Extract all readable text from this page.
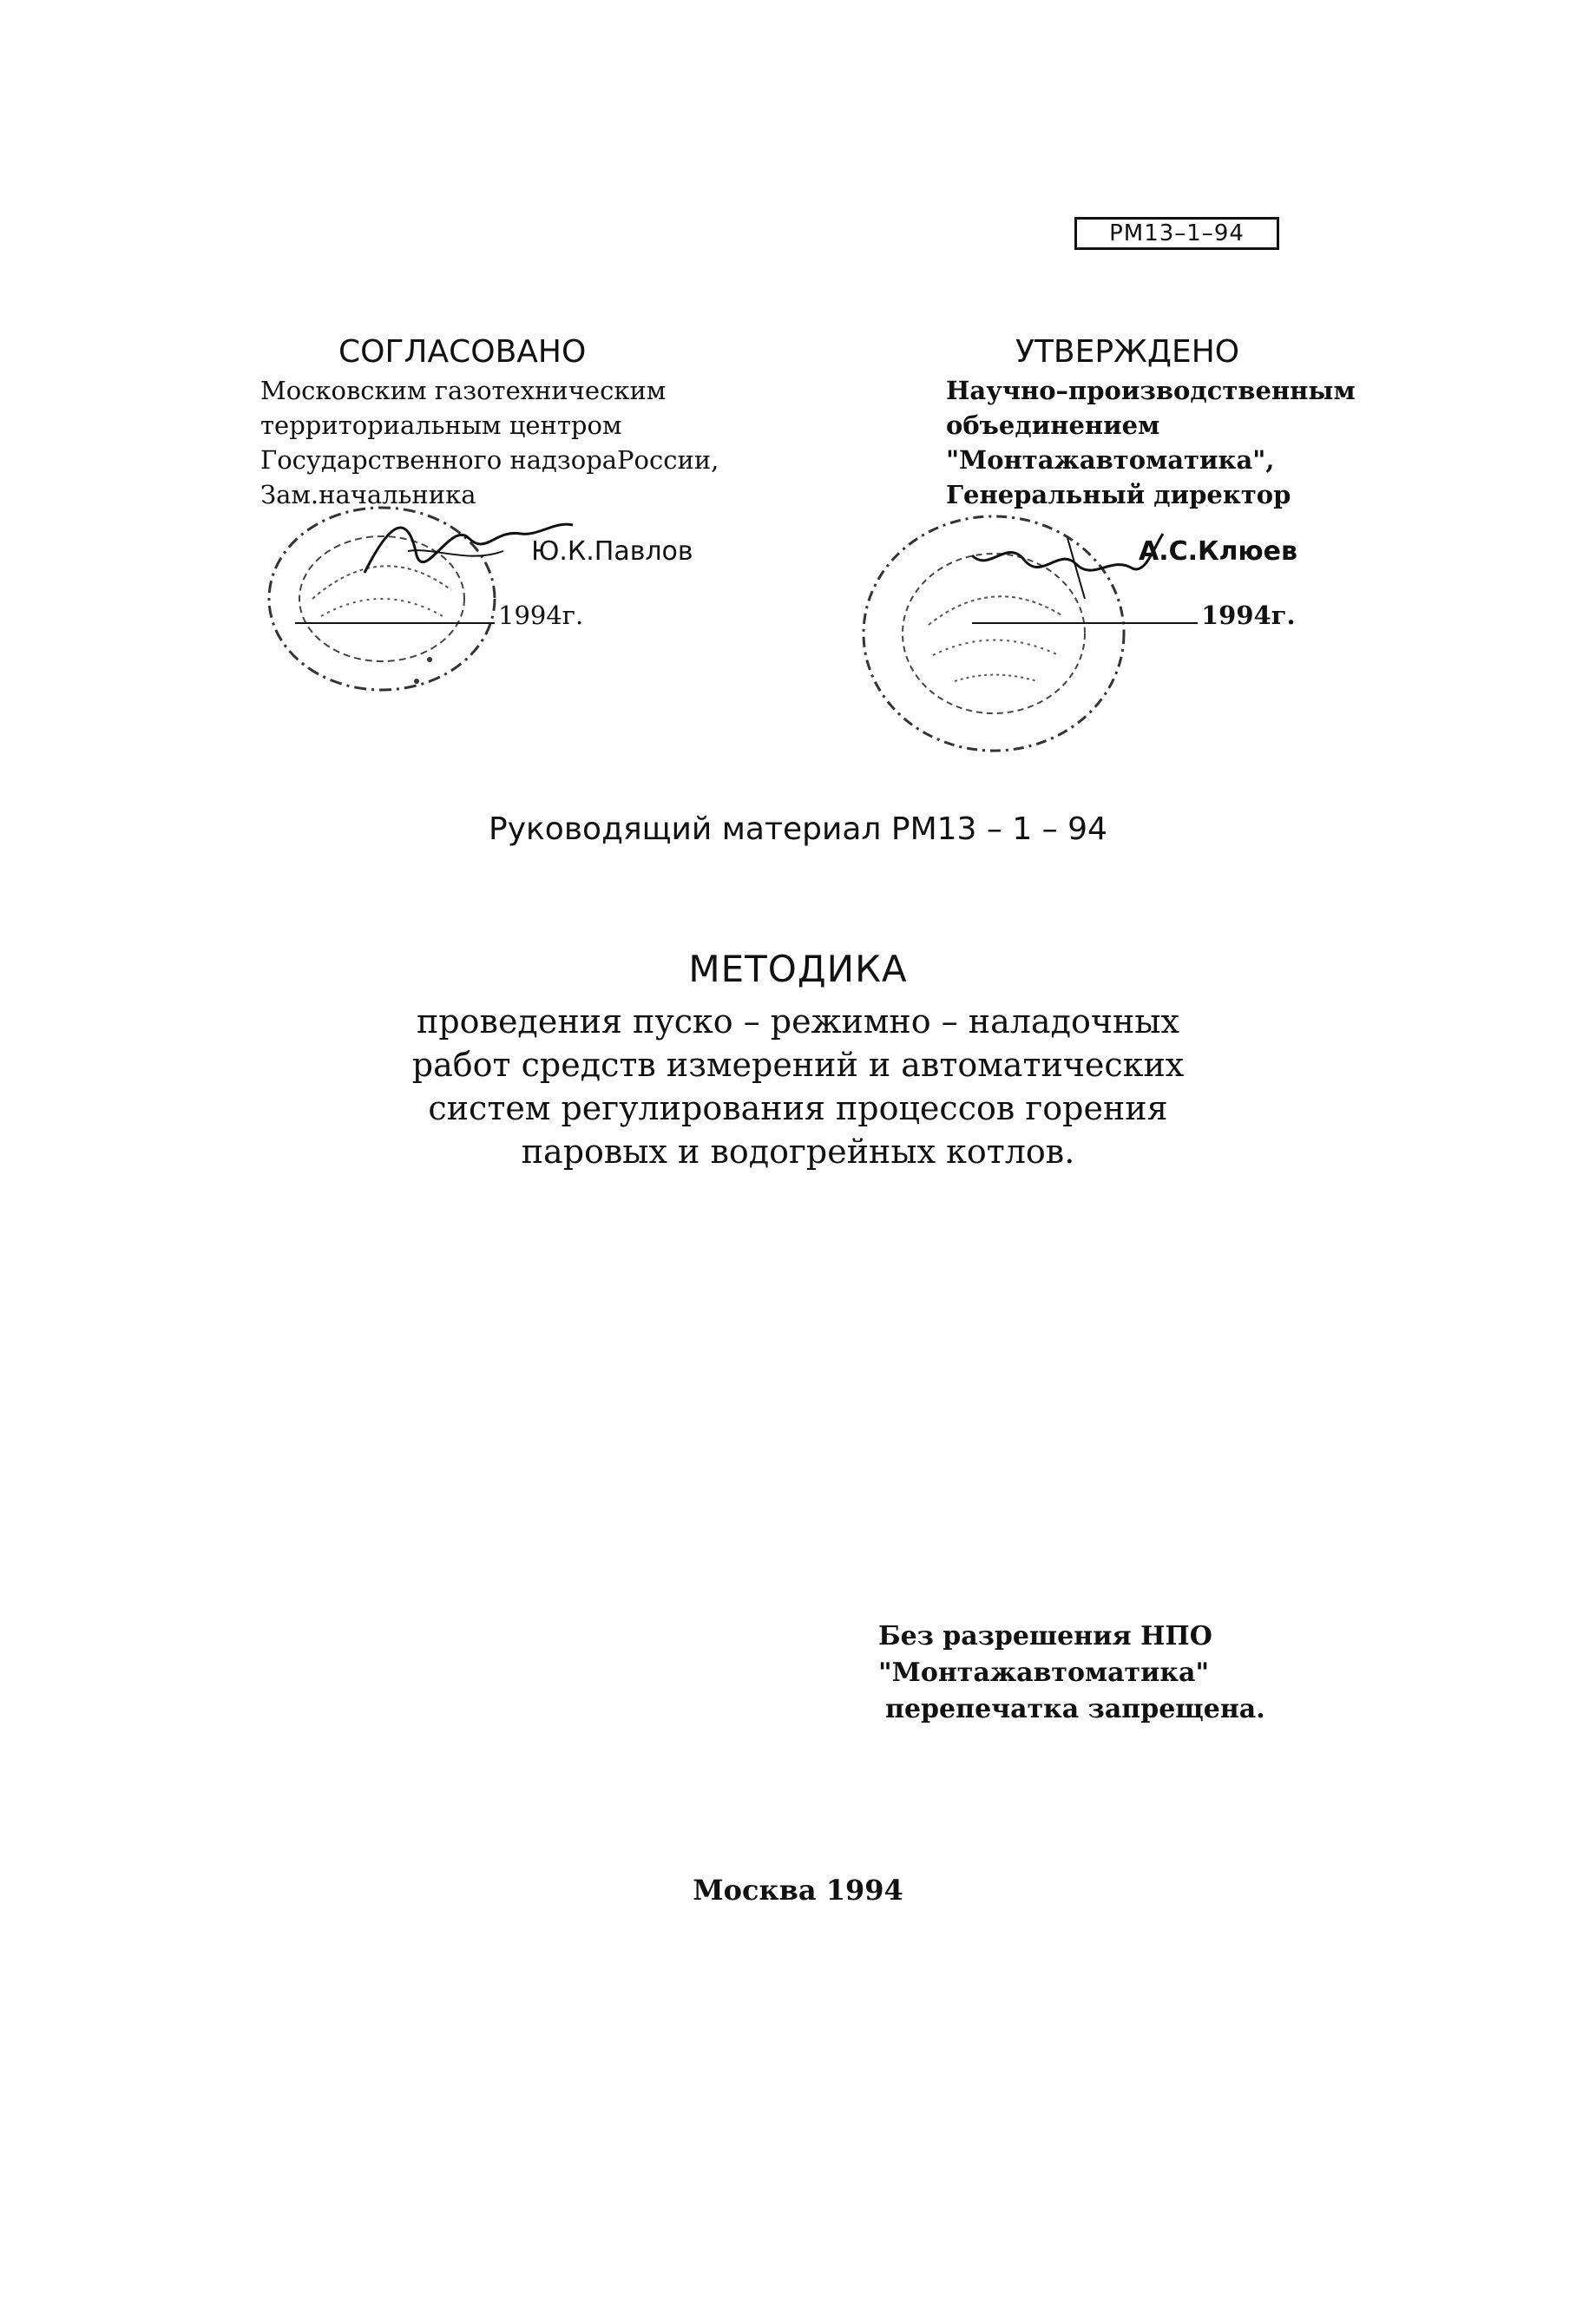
РМ13–1–94
СОГЛАСОВАНО
Московским газотехническим
территориальным центром
Государственного надзораРоссии,
Зам.начальника
Ю.К.Павлов
1994г.
УТВЕРЖДЕНО
Научно–производственным
объединением
"Монтажавтоматика",
Генеральный директор
А.С.Клюев
1994г.
Руководящий материал РМ13 – 1 – 94
МЕТОДИКА
проведения пуско – режимно – наладочных
работ средств измерений и автоматических
систем регулирования процессов горения
паровых и водогрейных котлов.
Без разрешения НПО
"Монтажавтоматика"
перепечатка запрещена.
Москва 1994
